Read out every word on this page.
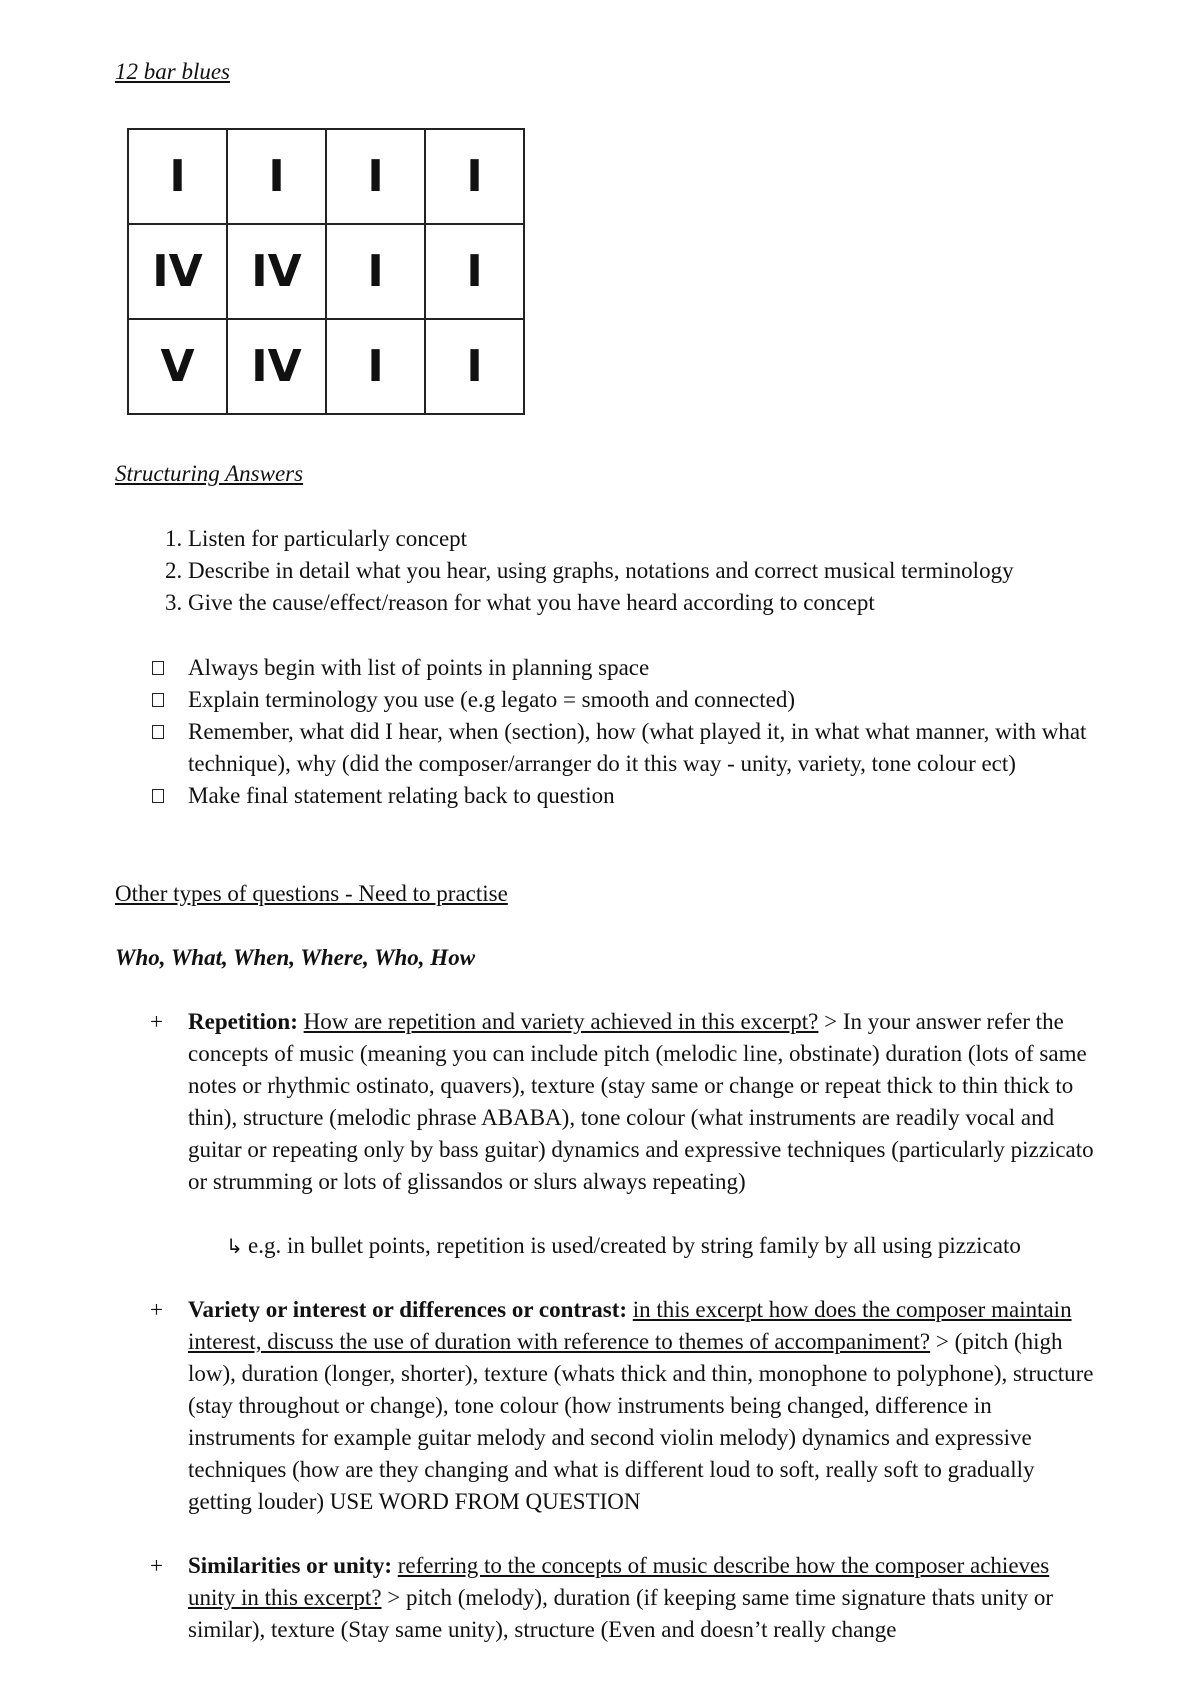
12 bar blues
I	I	I	I
IV	IV	I	I
V	IV	I	I
Structuring Answers
1. Listen for particularly concept
2. Describe in detail what you hear, using graphs, notations and correct musical terminology
3. Give the cause/effect/reason for what you have heard according to concept
Always begin with list of points in planning space
Explain terminology you use (e.g legato = smooth and connected)
Remember, what did I hear, when (section), how (what played it, in what what manner, with what technique), why (did the composer/arranger do it this way - unity, variety, tone colour ect)
Make final statement relating back to question
Other types of questions - Need to practise
Who, What, When, Where, Who, How
+	Repetition: How are repetition and variety achieved in this excerpt? > In your answer refer the concepts of music (meaning you can include pitch (melodic line, obstinate) duration (lots of same notes or rhythmic ostinato, quavers), texture (stay same or change or repeat thick to thin thick to thin), structure (melodic phrase ABABA), tone colour (what instruments are readily vocal and guitar or repeating only by bass guitar) dynamics and expressive techniques (particularly pizzicato or strumming or lots of glissandos or slurs always repeating)
↳ e.g. in bullet points, repetition is used/created by string family by all using pizzicato
+	Variety or interest or differences or contrast: in this excerpt how does the composer maintain interest, discuss the use of duration with reference to themes of accompaniment? > (pitch (high low), duration (longer, shorter), texture (whats thick and thin, monophone to polyphone), structure (stay throughout or change), tone colour (how instruments being changed, difference in instruments for example guitar melody and second violin melody) dynamics and expressive techniques (how are they changing and what is different loud to soft, really soft to gradually getting louder) USE WORD FROM QUESTION
+	Similarities or unity: referring to the concepts of music describe how the composer achieves unity in this excerpt? > pitch (melody), duration (if keeping same time signature thats unity or similar), texture (Stay same unity), structure (Even and doesn’t really change
